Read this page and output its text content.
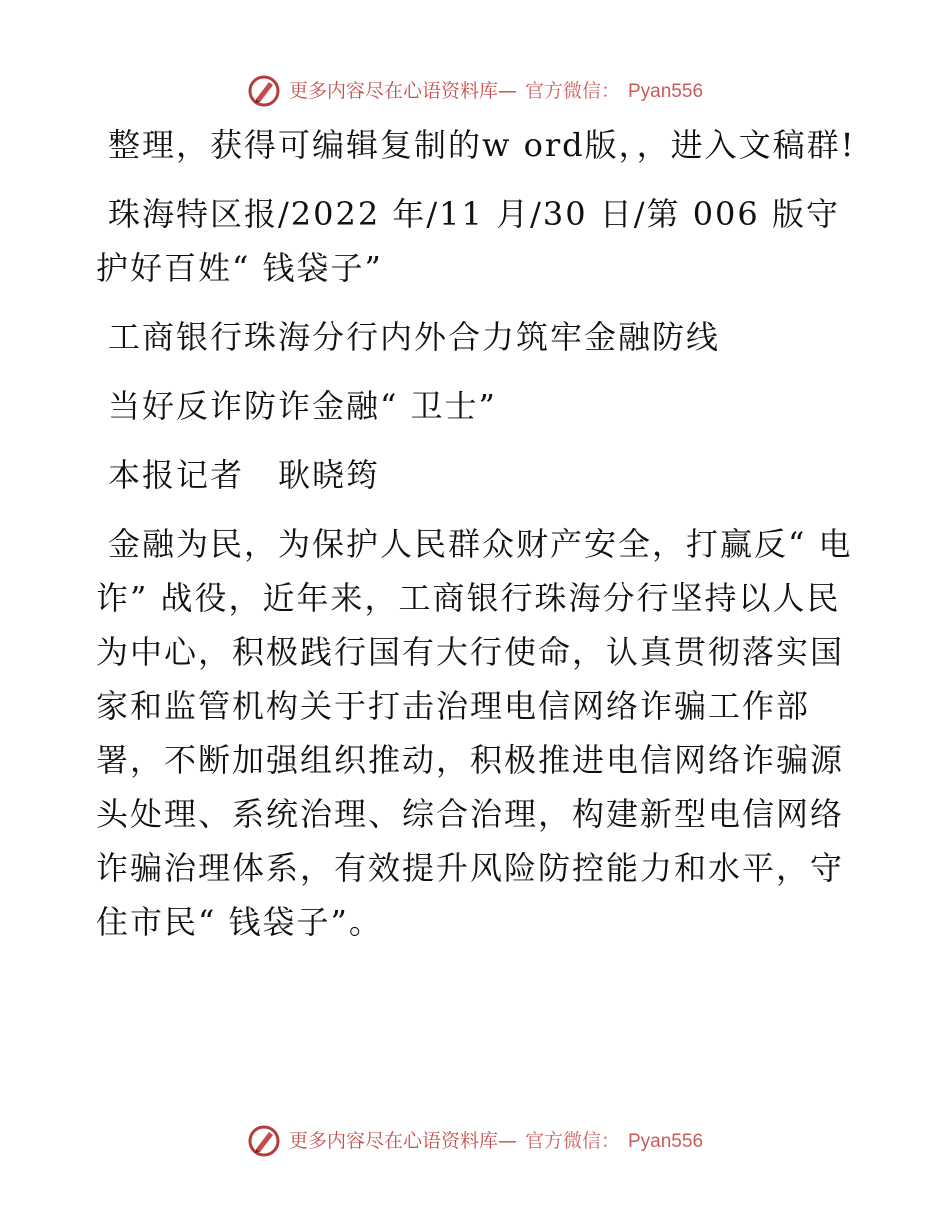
更多内容尽在心语资料库— 官方微信： Pyan556

整理，获得可编辑复制的w ord版，，进入文稿群!

珠海特区报/2022 年/11 月/30 日/第 006 版守护好百姓“ 钱袋子”

工商银行珠海分行内外合力筑牢金融防线

当好反诈防诈金融“ 卫士”

本报记者　耿晓筠

金融为民，为保护人民群众财产安全，打赢反“ 电诈” 战役，近年来，工商银行珠海分行坚持以人民为中心，积极践行国有大行使命，认真贯彻落实国家和监管机构关于打击治理电信网络诈骗工作部署，不断加强组织推动，积极推进电信网络诈骗源头处理、系统治理、综合治理，构建新型电信网络诈骗治理体系，有效提升风险防控能力和水平，守住市民“ 钱袋子”。

更多内容尽在心语资料库— 官方微信： Pyan556
